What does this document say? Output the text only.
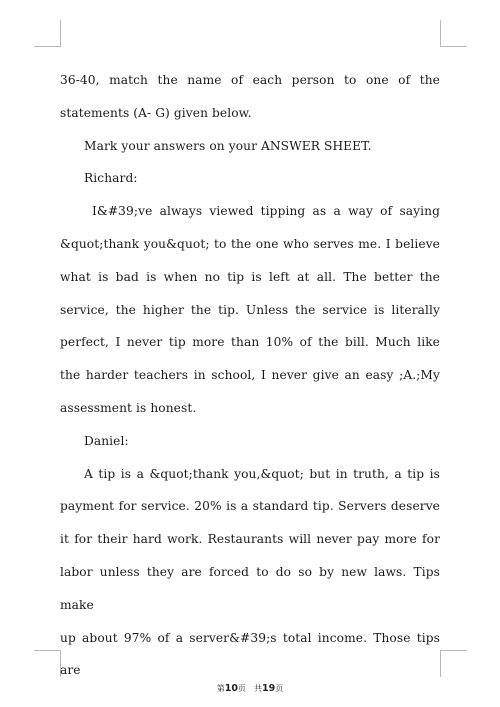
36-40, match the name of each person to one of the

statements (A- G) given below.

Mark your answers on your ANSWER SHEET.

Richard:

I&#39;ve always viewed tipping as a way of saying

&quot;thank you&quot; to the one who serves me. I believe

what is bad is when no tip is left at all. The better the

service, the higher the tip. Unless the service is literally

perfect, I never tip more than 10% of the bill. Much like

the harder teachers in school, I never give an easy ;A.;My

assessment is honest.

Daniel:

A tip is a &quot;thank you,&quot; but in truth, a tip is

payment for service. 20% is a standard tip. Servers deserve

it for their hard work. Restaurants will never pay more for

labor unless they are forced to do so by new laws. Tips make

up about 97% of a server&#39;s total income. Those tips are

第10页 共19页
